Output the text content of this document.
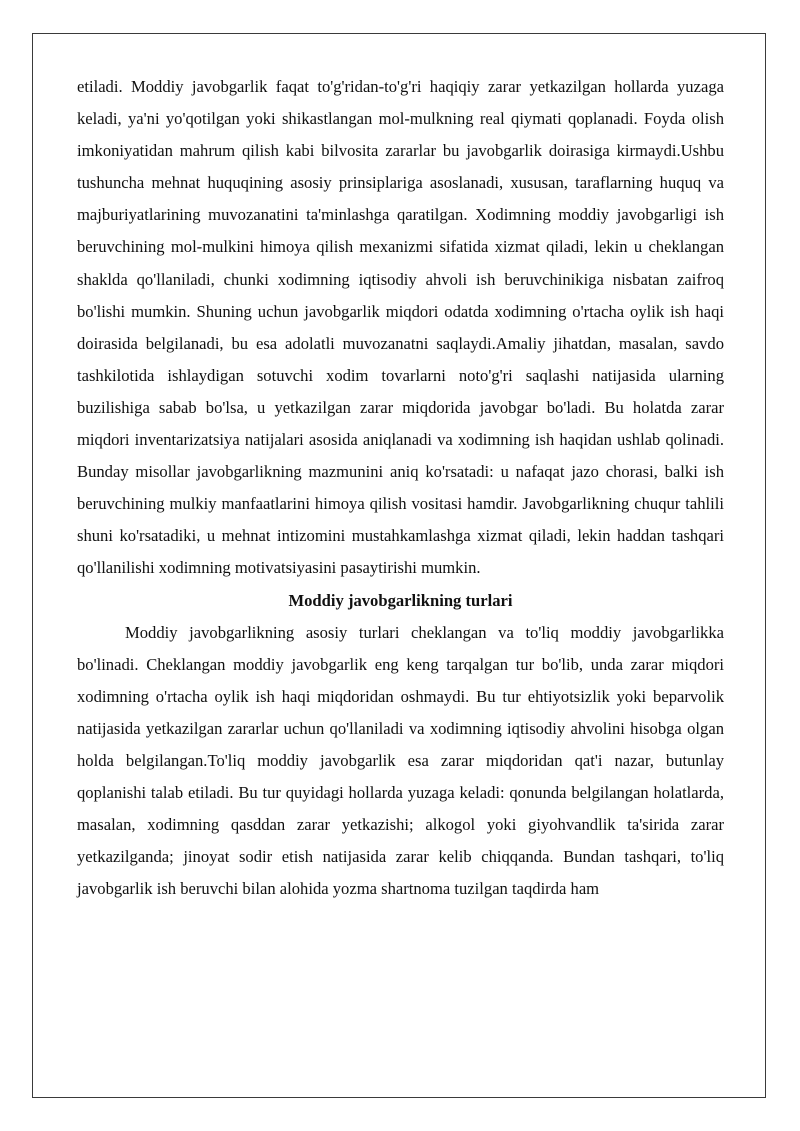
etiladi. Moddiy javobgarlik faqat to'g'ridan-to'g'ri haqiqiy zarar yetkazilgan hollarda yuzaga keladi, ya'ni yo'qotilgan yoki shikastlangan mol-mulkning real qiymati qoplanadi. Foyda olish imkoniyatidan mahrum qilish kabi bilvosita zararlar bu javobgarlik doirasiga kirmaydi.Ushbu tushuncha mehnat huquqining asosiy prinsiplariga asoslanadi, xususan, taraflarning huquq va majburiyatlarining muvozanatini ta'minlashga qaratilgan. Xodimning moddiy javobgarligi ish beruvchining mol-mulkini himoya qilish mexanizmi sifatida xizmat qiladi, lekin u cheklangan shaklda qo'llaniladi, chunki xodimning iqtisodiy ahvoli ish beruvchinikiga nisbatan zaifroq bo'lishi mumkin. Shuning uchun javobgarlik miqdori odatda xodimning o'rtacha oylik ish haqi doirasida belgilanadi, bu esa adolatli muvozanatni saqlaydi.Amaliy jihatdan, masalan, savdo tashkilotida ishlaydigan sotuvchi xodim tovarlarni noto'g'ri saqlashi natijasida ularning buzilishiga sabab bo'lsa, u yetkazilgan zarar miqdorida javobgar bo'ladi. Bu holatda zarar miqdori inventarizatsiya natijalari asosida aniqlanadi va xodimning ish haqidan ushlab qolinadi. Bunday misollar javobgarlikning mazmunini aniq ko'rsatadi: u nafaqat jazo chorasi, balki ish beruvchining mulkiy manfaatlarini himoya qilish vositasi hamdir. Javobgarlikning chuqur tahlili shuni ko'rsatadiki, u mehnat intizomini mustahkamlashga xizmat qiladi, lekin haddan tashqari qo'llanilishi xodimning motivatsiyasini pasaytirishi mumkin.

Moddiy javobgarlikning turlari

Moddiy javobgarlikning asosiy turlari cheklangan va to'liq moddiy javobgarlikka bo'linadi. Cheklangan moddiy javobgarlik eng keng tarqalgan tur bo'lib, unda zarar miqdori xodimning o'rtacha oylik ish haqi miqdoridan oshmaydi. Bu tur ehtiyotsizlik yoki beparvolik natijasida yetkazilgan zararlar uchun qo'llaniladi va xodimning iqtisodiy ahvolini hisobga olgan holda belgilangan.To'liq moddiy javobgarlik esa zarar miqdoridan qat'i nazar, butunlay qoplanishi talab etiladi. Bu tur quyidagi hollarda yuzaga keladi: qonunda belgilangan holatlarda, masalan, xodimning qasddan zarar yetkazishi; alkogol yoki giyohvandlik ta'sirida zarar yetkazilganda; jinoyat sodir etish natijasida zarar kelib chiqqanda. Bundan tashqari, to'liq javobgarlik ish beruvchi bilan alohida yozma shartnoma tuzilgan taqdirda ham
